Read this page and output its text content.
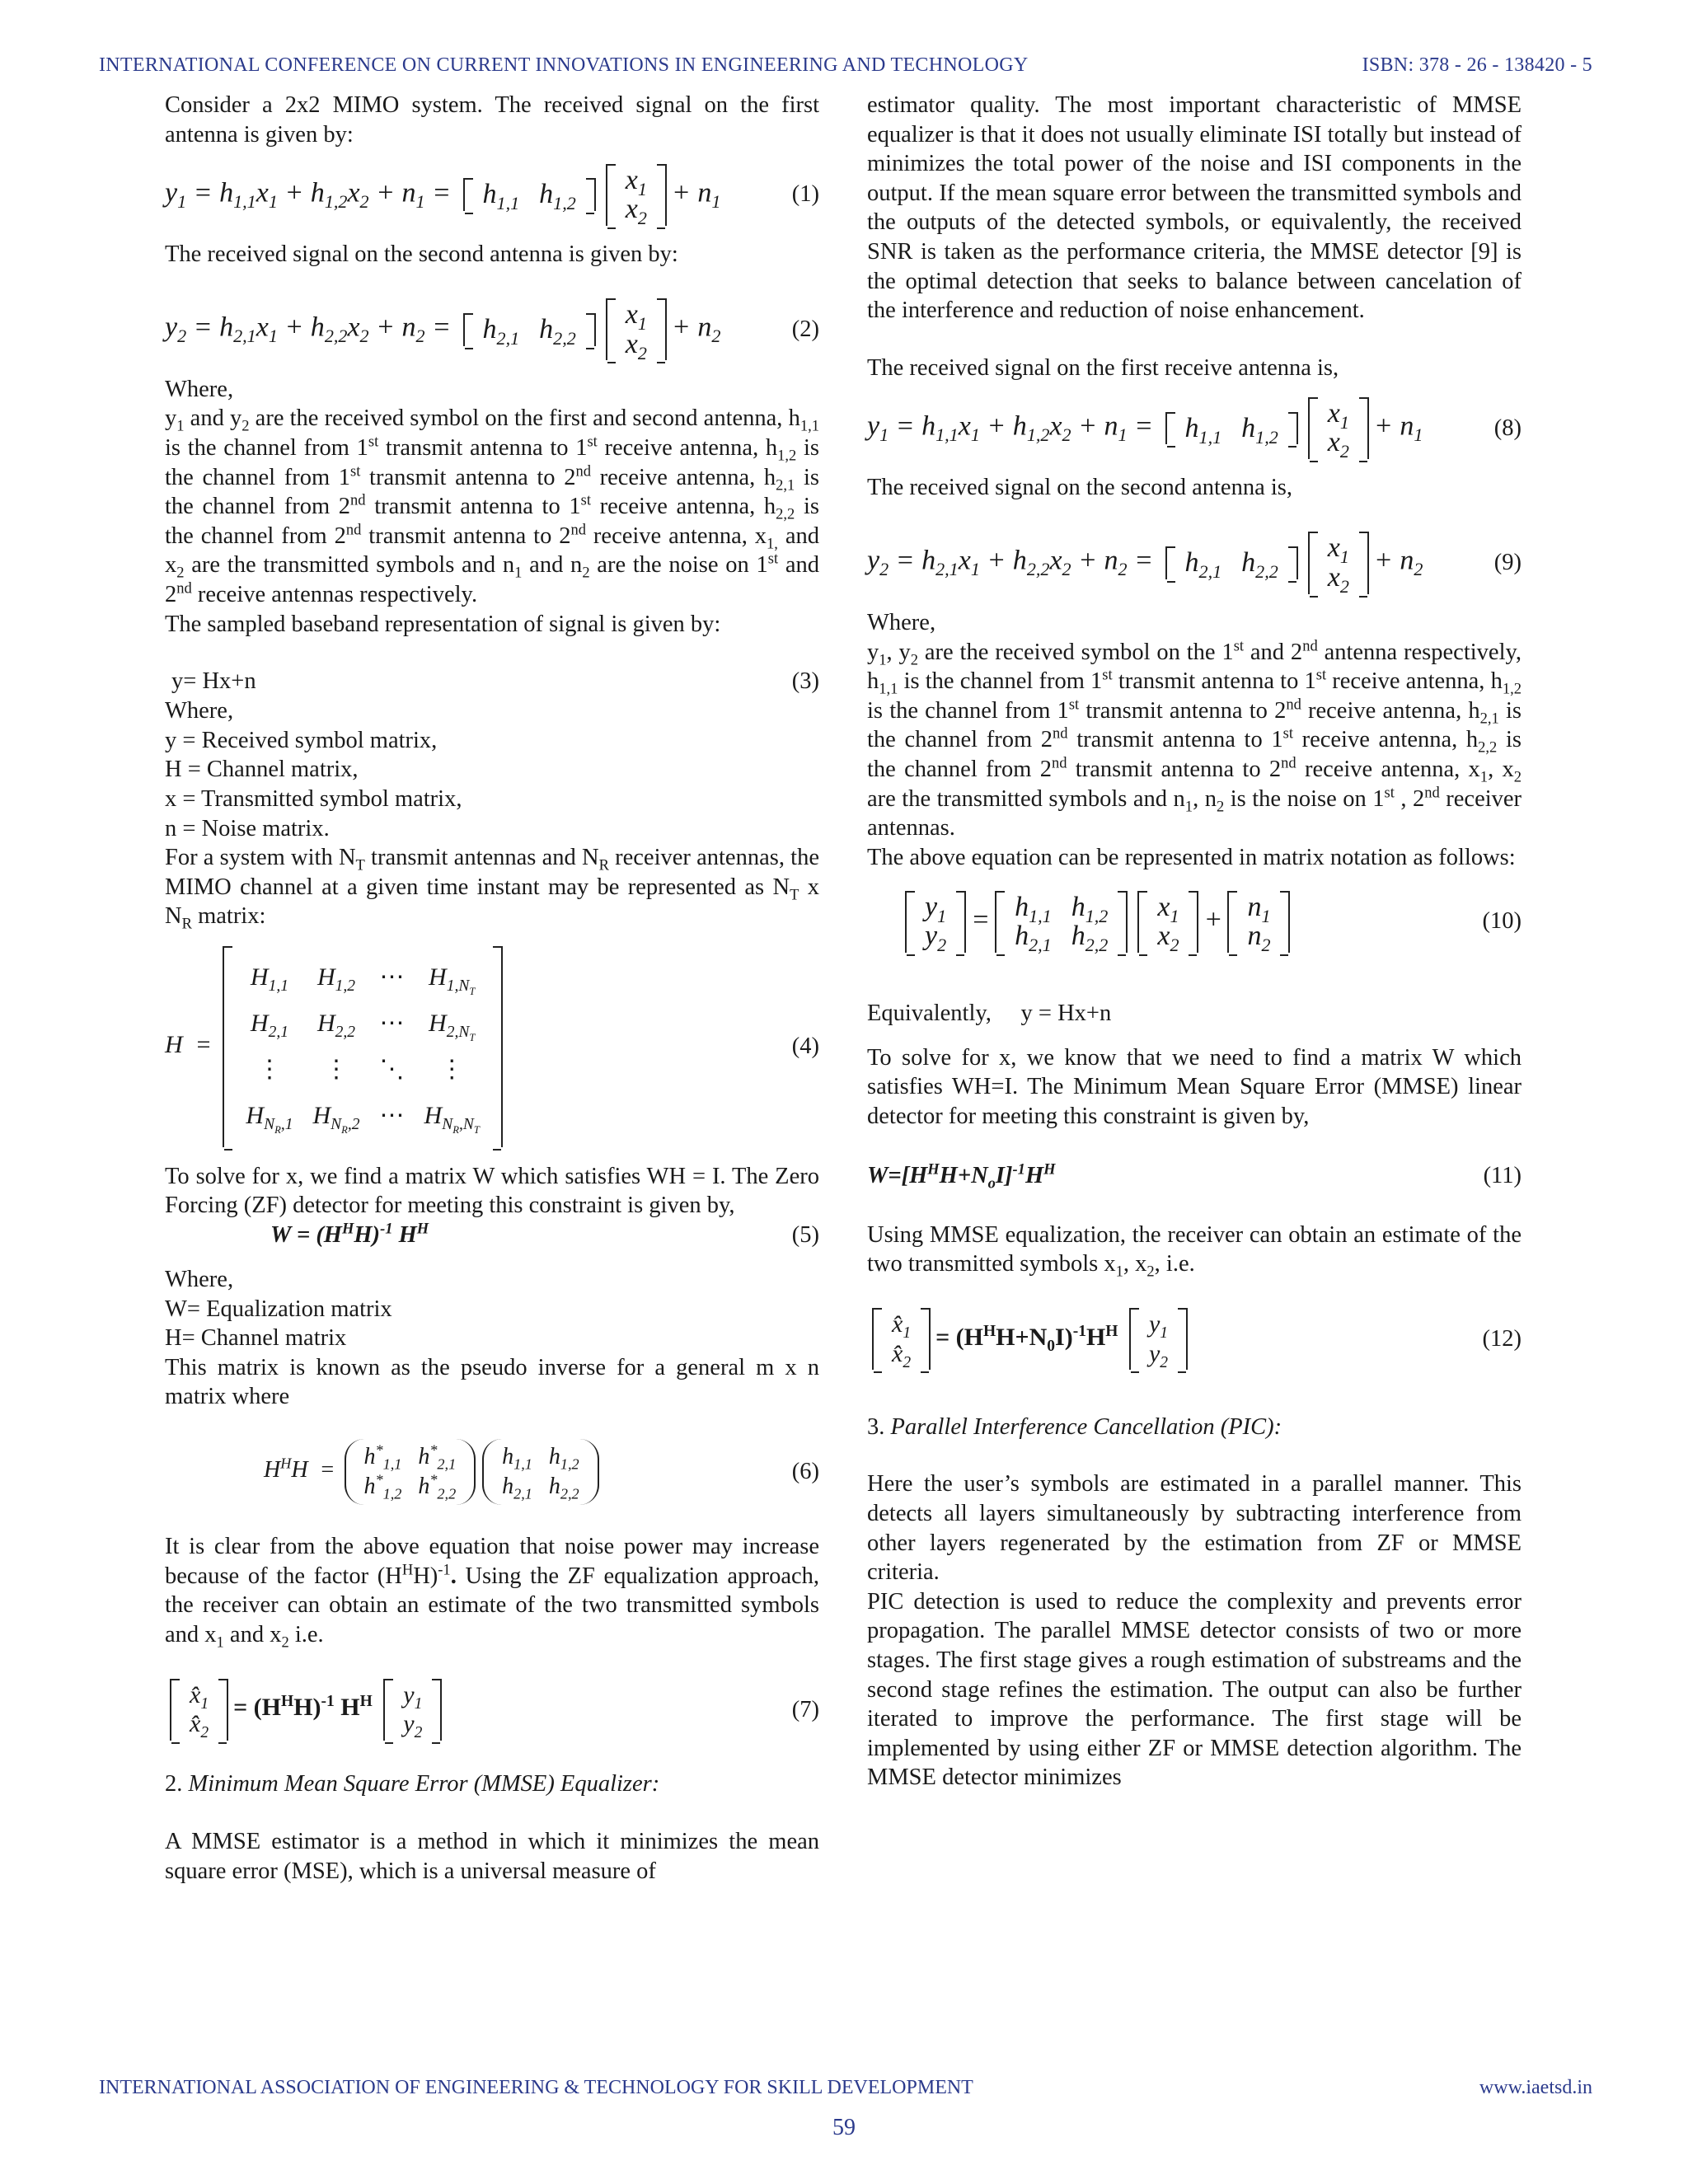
INTERNATIONAL CONFERENCE ON CURRENT INNOVATIONS IN ENGINEERING AND TECHNOLOGY	ISBN: 378 - 26 - 138420 - 5

Consider a 2x2 MIMO system. The received signal on the first antenna is given by:

$y_1 = h_{1,1}x_1 + h_{1,2}x_2 + n_1 = h_{1,1}$	$h_{1,2}$
$x_1$
$x_2$
+ $n_1$	(1)

The received signal on the second antenna is given by:

$y_2 = h_{2,1}x_1 + h_{2,2}x_2 + n_2 = h_{2,1}$	$h_{2,2}$
$x_1$
$x_2$
+ $n_2$	(2)

Where,

$y_1$ and $y_2$ are the received symbol on the first and second antenna, $h_{1,1}$ is the channel from 1st transmit antenna to 1st receive antenna, $h_{1,2}$ is the channel from 1st transmit antenna to 2nd receive antenna, $h_{2,1}$ is the channel from 2nd transmit antenna to 1st receive antenna, $h_{2,2}$ is the channel from 2nd transmit antenna to 2nd receive antenna, $x_{1,}$ and $x_2$ are the transmitted symbols and $n_1$ and $n_2$ are the noise on 1st and 2nd receive antennas respectively.

The sampled baseband representation of signal is given by:

y= Hx+n	(3)

Where,

y = Received symbol matrix,

H = Channel matrix,

x = Transmitted symbol matrix,

n = Noise matrix.

For a system with $N_T$ transmit antennas and $N_R$ receiver antennas, the MIMO channel at a given time instant may be represented as $N_T$ x $N_R$ matrix:

H  =
$H_{1,1}$	$H_{1,2}$	⋯	$H_{1,N_T}$
$H_{2,1}$	$H_{2,2}$	⋯	$H_{2,N_T}$
⋮	⋮	⋱	⋮
$H_{N_R,1}$	$H_{N_R,2}$	⋯	$H_{N_R,N_T}$
(4)

To solve for x, we find a matrix W which satisfies WH = I. The Zero Forcing (ZF) detector for meeting this constraint is given by,

$W = (H^HH)^{-1}$ $H^H$	(5)

Where,

W= Equalization matrix

H= Channel matrix

This matrix is known as the pseudo inverse for a general m x n matrix where

$H^HH$  =
$h^*_{1,1}$	$h^*_{2,1}$
$h^*_{1,2}$	$h^*_{2,2}$
$h_{1,1}$	$h_{1,2}$
$h_{2,1}$	$h_{2,2}$
(6)

It is clear from the above equation that noise power may increase because of the factor $(H^HH)^{-1}$. Using the ZF equalization approach, the receiver can obtain an estimate of the two transmitted symbols and $x_1$ and $x_2$ i.e.

$x̂_1$
$x̂_2$
= $(H^HH)^{-1}$ $H^H$ $y_1$
$y_2$
(7)

2. Minimum Mean Square Error (MMSE) Equalizer:

A MMSE estimator is a method in which it minimizes the mean square error (MSE), which is a universal measure of

estimator quality. The most important characteristic of MMSE equalizer is that it does not usually eliminate ISI totally but instead of minimizes the total power of the noise and ISI components in the output. If the mean square error between the transmitted symbols and the outputs of the detected symbols, or equivalently, the received SNR is taken as the performance criteria, the MMSE detector [9] is the optimal detection that seeks to balance between cancelation of the interference and reduction of noise enhancement.

The received signal on the first receive antenna is,

$y_1 = h_{1,1}x_1 + h_{1,2}x_2 + n_1 = h_{1,1}$	$h_{1,2}$
$x_1$
$x_2$
+ $n_1$	(8)

The received signal on the second antenna is,

$y_2 = h_{2,1}x_1 + h_{2,2}x_2 + n_2 = h_{2,1}$	$h_{2,2}$
$x_1$
$x_2$
+ $n_2$	(9)

Where,

$y_1$, $y_2$ are the received symbol on the 1st and 2nd antenna respectively, $h_{1,1}$ is the channel from 1st transmit antenna to 1st receive antenna, $h_{1,2}$ is the channel from 1st transmit antenna to 2nd receive antenna, $h_{2,1}$ is the channel from 2nd transmit antenna to 1st receive antenna, $h_{2,2}$ is the channel from 2nd transmit antenna to 2nd receive antenna, $x_1$, $x_2$ are the transmitted symbols and $n_1$, $n_2$ is the noise on 1st , 2nd receiver antennas.

The above equation can be represented in matrix notation as follows:

$y_1$
$y_2$
= $h_{1,1}$	$h_{1,2}$
$h_{2,1}$	$h_{2,2}$
$x_1$
$x_2$
+ $n_1$
$n_2$
(10)

Equivalently,     y = Hx+n

To solve for x, we know that we need to find a matrix W which satisfies WH=I. The Minimum Mean Square Error (MMSE) linear detector for meeting this constraint is given by,

$W=[H^HH+N_oI]^{-1}H^H$	(11)

Using MMSE equalization, the receiver can obtain an estimate of the two transmitted symbols $x_1$, $x_2$, i.e.

$x̂_1$
$x̂_2$
= $(H^HH+N_0I)^{-1}H^H$ $y_1$
$y_2$
(12)

3. Parallel Interference Cancellation (PIC):

Here the user’s symbols are estimated in a parallel manner. This detects all layers simultaneously by subtracting interference from other layers regenerated by the estimation from ZF or MMSE criteria.

PIC detection is used to reduce the complexity and prevents error propagation. The parallel MMSE detector consists of two or more stages. The first stage gives a rough estimation of substreams and the second stage refines the estimation. The output can also be further iterated to improve the performance. The first stage will be implemented by using either ZF or MMSE detection algorithm. The MMSE detector minimizes

INTERNATIONAL ASSOCIATION OF ENGINEERING & TECHNOLOGY FOR SKILL DEVELOPMENT	www.iaetsd.in
59
